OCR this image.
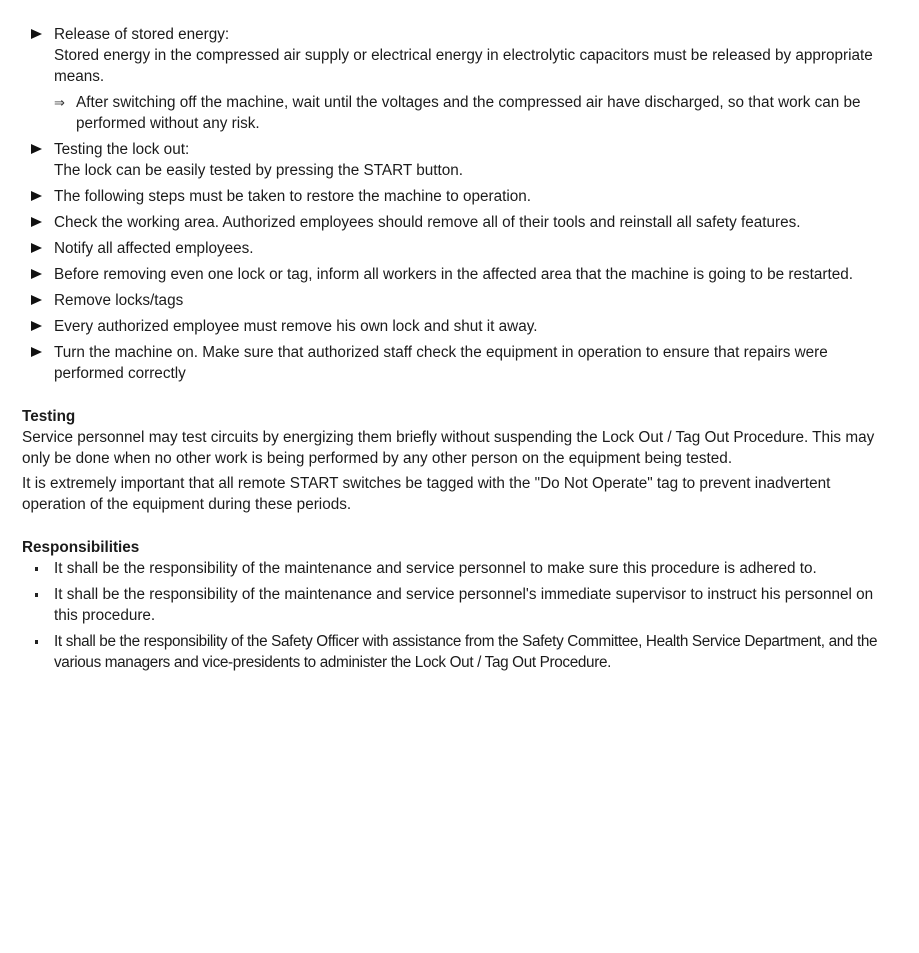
Release of stored energy:
Stored energy in the compressed air supply or electrical energy in electrolytic capacitors must be released by appropriate means.
⇒ After switching off the machine, wait until the voltages and the compressed air have discharged, so that work can be performed without any risk.
Testing the lock out:
The lock can be easily tested by pressing the START button.
The following steps must be taken to restore the machine to operation.
Check the working area. Authorized employees should remove all of their tools and reinstall all safety features.
Notify all affected employees.
Before removing even one lock or tag, inform all workers in the affected area that the machine is going to be restarted.
Remove locks/tags
Every authorized employee must remove his own lock and shut it away.
Turn the machine on. Make sure that authorized staff check the equipment in operation to ensure that repairs were performed correctly
Testing

Service personnel may test circuits by energizing them briefly without suspending the Lock Out / Tag Out Procedure. This may only be done when no other work is being performed by any other person on the equipment being tested.

It is extremely important that all remote START switches be tagged with the "Do Not Operate" tag to prevent inadvertent operation of the equipment during these periods.

Responsibilities
It shall be the responsibility of the maintenance and service personnel to make sure this procedure is adhered to.
It shall be the responsibility of the maintenance and service personnel's immediate supervisor to instruct his personnel on this procedure.
It shall be the responsibility of the Safety Officer with assistance from the Safety Committee, Health Service Department, and the various managers and vice-presidents to administer the Lock Out / Tag Out Procedure.
